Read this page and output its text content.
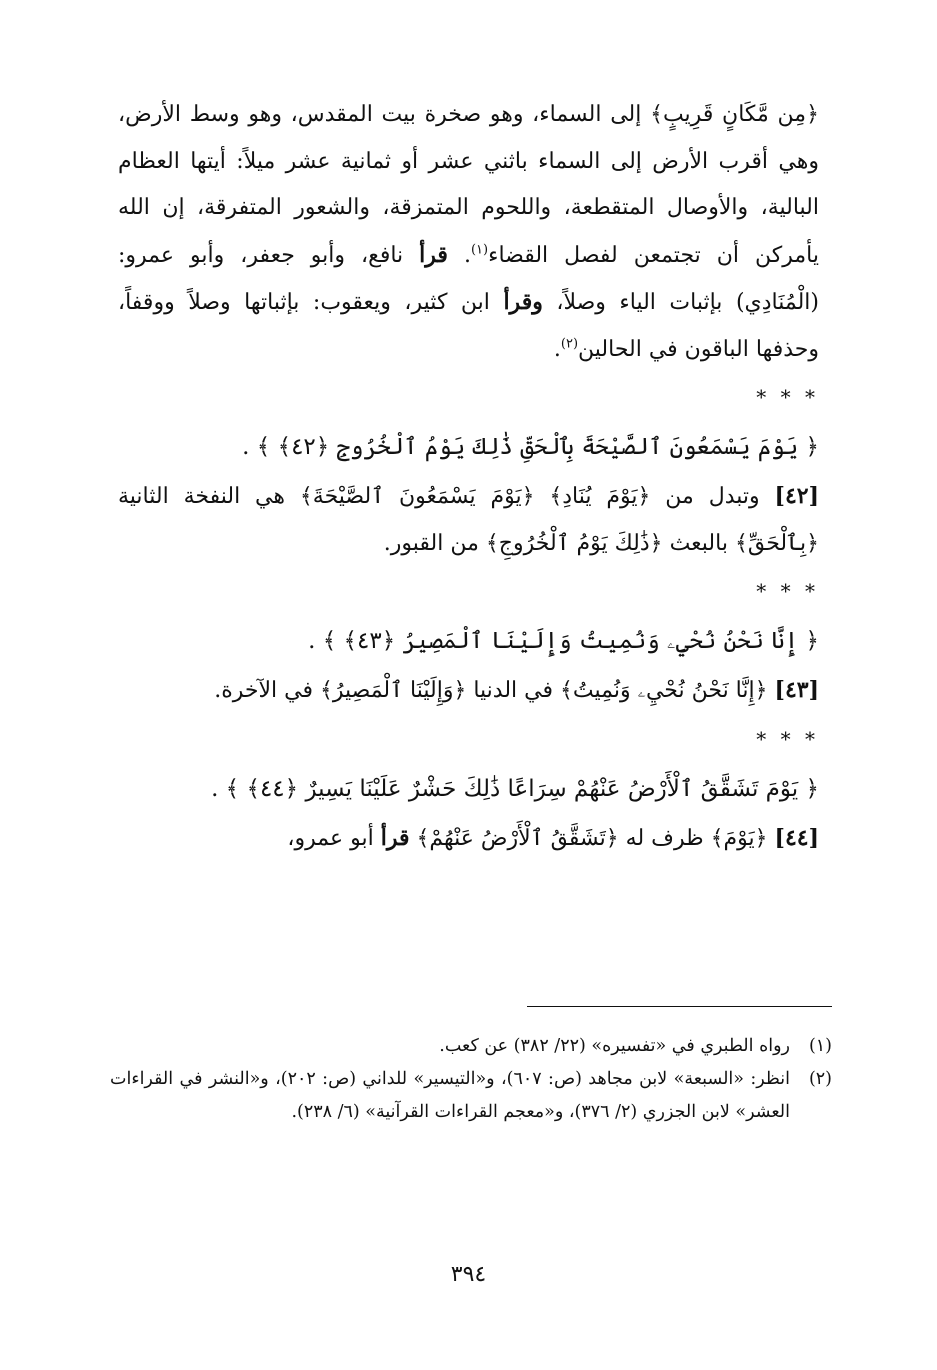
﴿مِن مَّكَانٍ قَرِيبٍ﴾ إلى السماء، وهو صخرة بيت المقدس، وهو وسط الأرض، وهي أقرب الأرض إلى السماء باثني عشر أو ثمانية عشر ميلاً: أيتها العظام البالية، والأوصال المتقطعة، واللحوم المتمزقة، والشعور المتفرقة، إن الله يأمركن أن تجتمعن لفصل القضاء$^{(١)}$. قرأ نافع، وأبو جعفر، وأبو عمرو: (الْمُنَادِي) بإثبات الياء وصلاً، وقرأ ابن كثير، ويعقوب: بإثباتها وصلاً ووقفاً، وحذفها الباقون في الحالين$^{(٢)}$.

* * *

﴿ يَوْمَ يَسْمَعُونَ ٱلصَّيْحَةَ بِٱلْحَقِّ ذَٰلِكَ يَوْمُ ٱلْخُرُوجِ ﴿٤٢﴾ ﴾ .

[٤٢] وتبدل من ﴿يَوْمَ يُنَادِ﴾ ﴿يَوْمَ يَسْمَعُونَ ٱلصَّيْحَةَ﴾ هي النفخة الثانية ﴿بِٱلْحَقِّ﴾ بالبعث ﴿ذَٰلِكَ يَوْمُ ٱلْخُرُوجِ﴾ من القبور.

* * *

﴿ إِنَّا نَحْنُ نُحْيِۦ وَنُمِيتُ وَإِلَيْنَا ٱلْمَصِيرُ ﴿٤٣﴾ ﴾ .

[٤٣] ﴿إِنَّا نَحْنُ نُحْيِۦ وَنُمِيتُ﴾ في الدنيا ﴿وَإِلَيْنَا ٱلْمَصِيرُ﴾ في الآخرة.

* * *

﴿ يَوْمَ تَشَقَّقُ ٱلْأَرْضُ عَنْهُمْ سِرَاعًا ذَٰلِكَ حَشْرٌ عَلَيْنَا يَسِيرٌ ﴿٤٤﴾ ﴾ .

[٤٤] ﴿يَوْمَ﴾ ظرف له ﴿تَشَقَّقُ ٱلْأَرْضُ عَنْهُمْ﴾ قرأ أبو عمرو،

(١)
رواه الطبري في «تفسيره» (٢٢/ ٣٨٢) عن كعب.

(٢)
انظر: «السبعة» لابن مجاهد (ص: ٦٠٧)، و«التيسير» للداني (ص: ٢٠٢)، و«النشر في القراءات العشر» لابن الجزري (٢/ ٣٧٦)، و«معجم القراءات القرآنية» (٦/ ٢٣٨).

٣٩٤
